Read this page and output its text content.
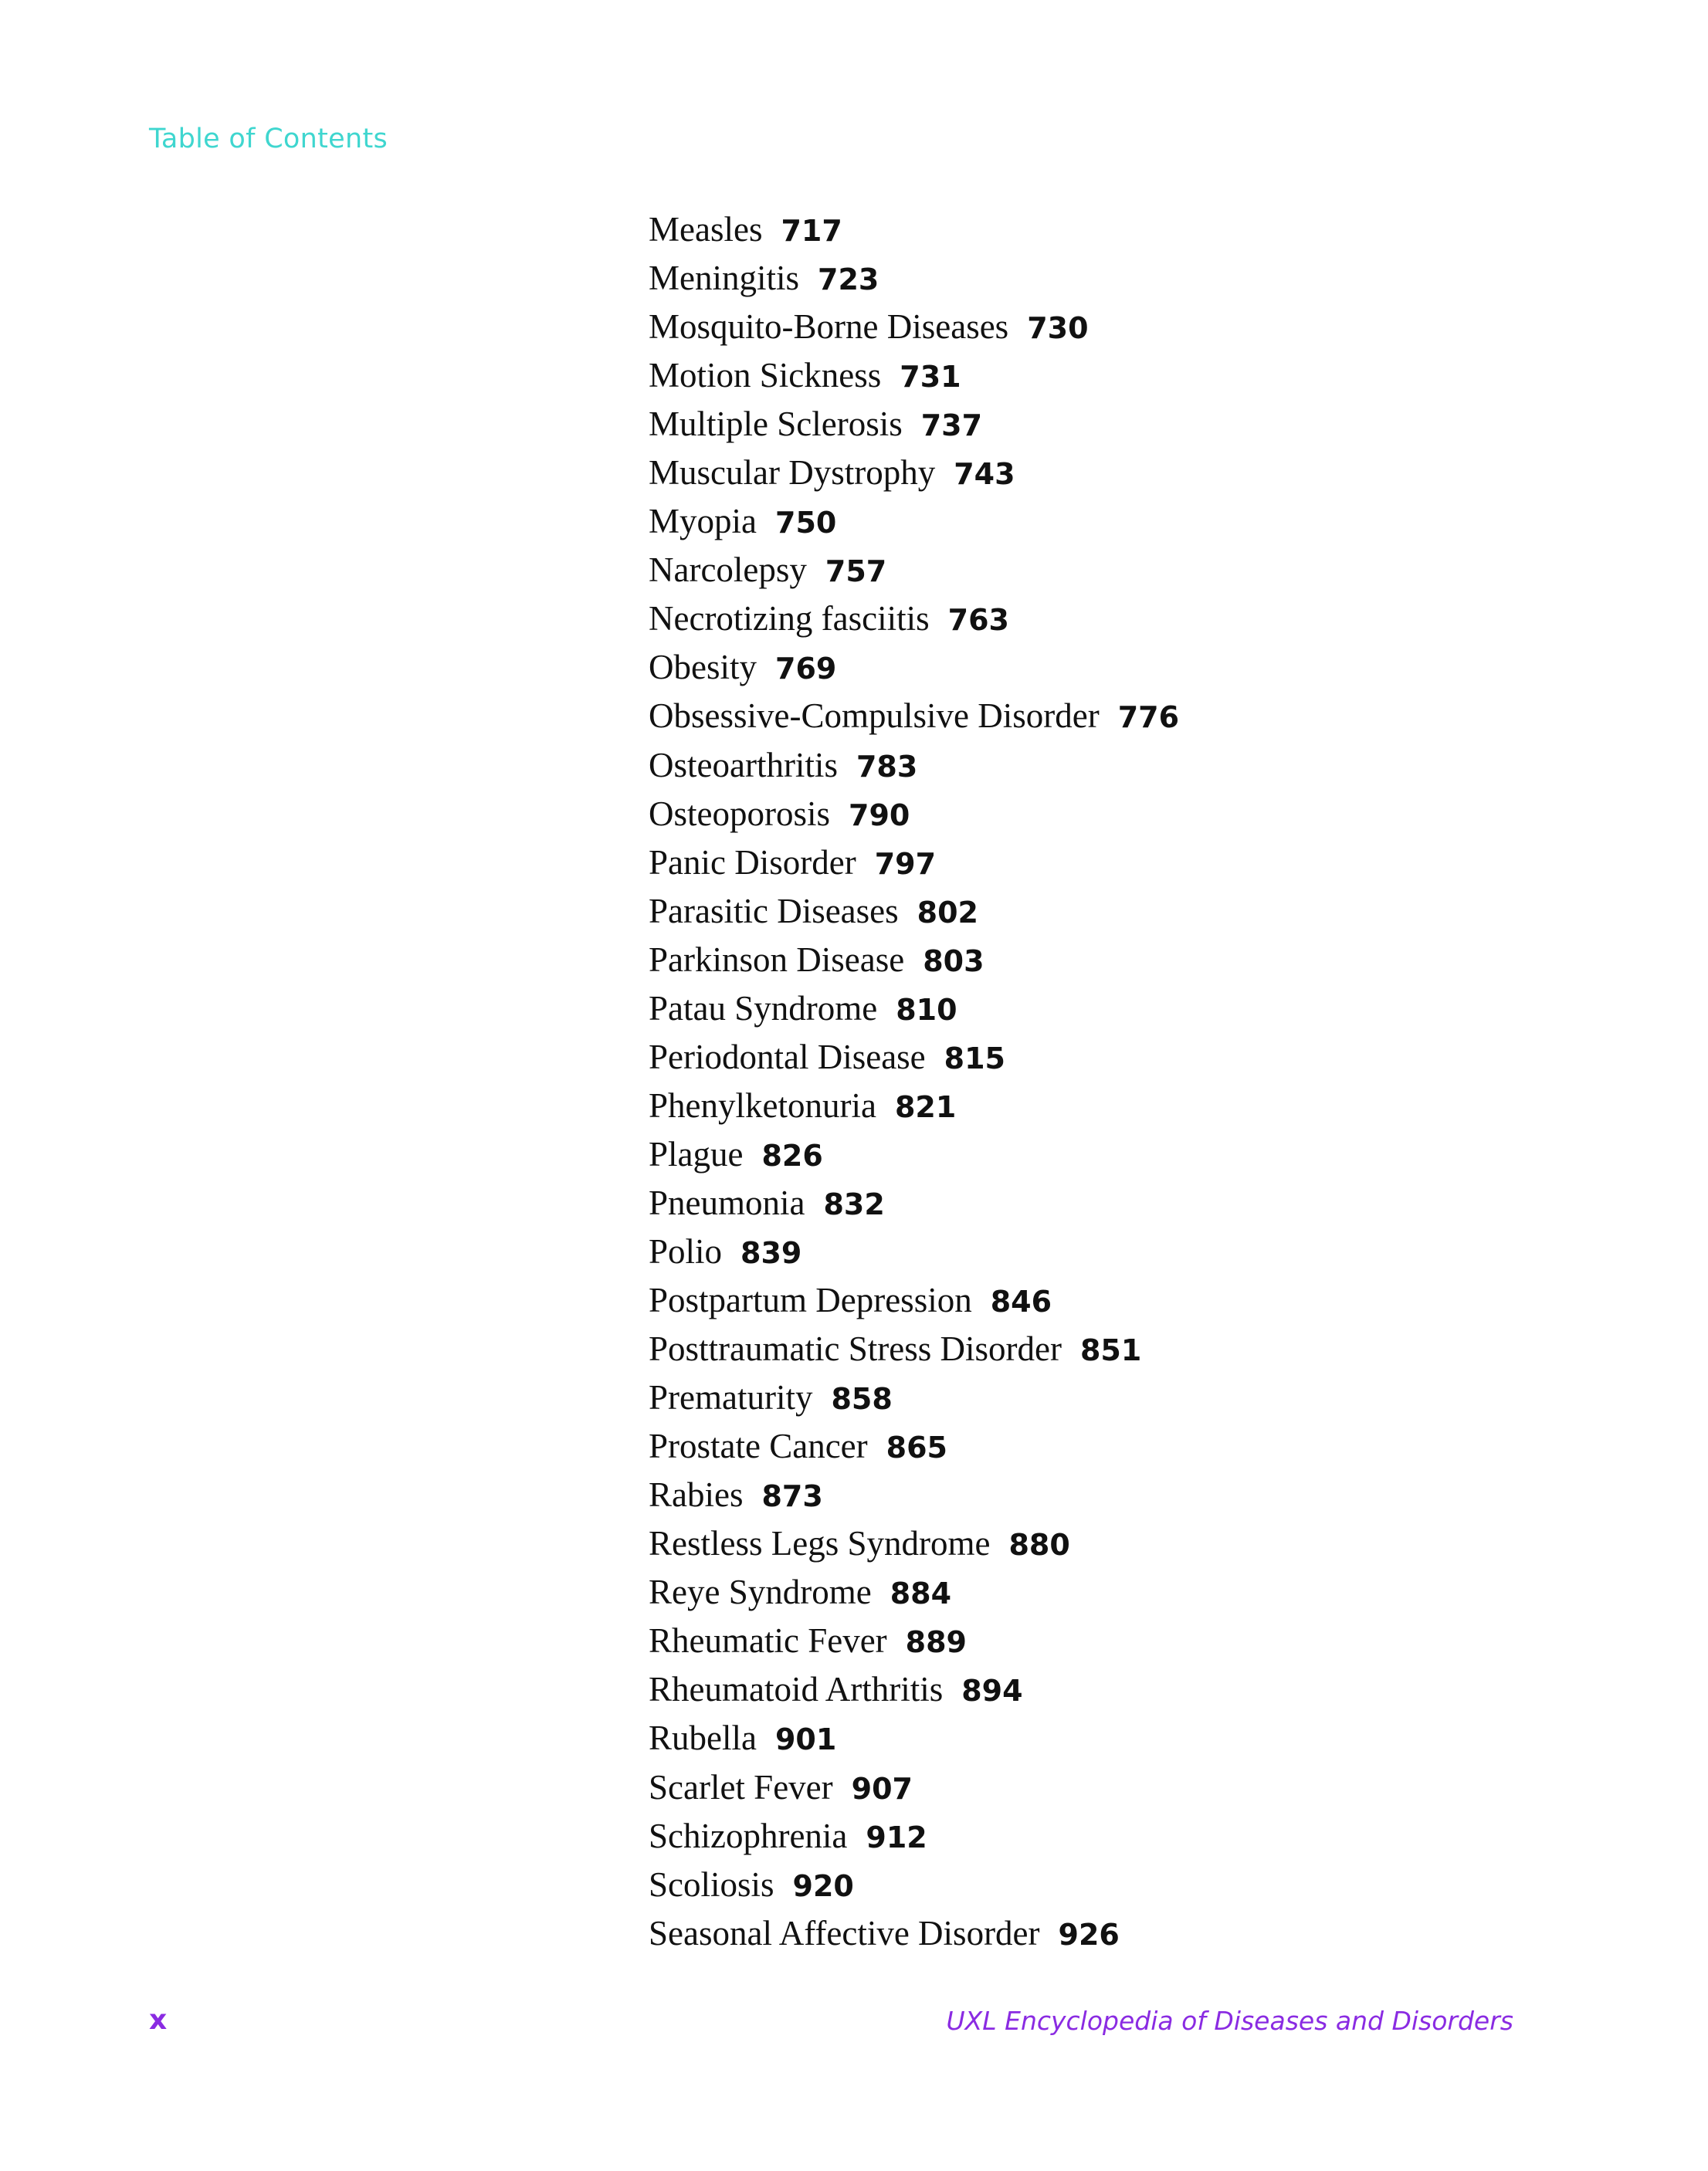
Table of Contents
Measles 717
Meningitis 723
Mosquito-Borne Diseases 730
Motion Sickness 731
Multiple Sclerosis 737
Muscular Dystrophy 743
Myopia 750
Narcolepsy 757
Necrotizing fasciitis 763
Obesity 769
Obsessive-Compulsive Disorder 776
Osteoarthritis 783
Osteoporosis 790
Panic Disorder 797
Parasitic Diseases 802
Parkinson Disease 803
Patau Syndrome 810
Periodontal Disease 815
Phenylketonuria 821
Plague 826
Pneumonia 832
Polio 839
Postpartum Depression 846
Posttraumatic Stress Disorder 851
Prematurity 858
Prostate Cancer 865
Rabies 873
Restless Legs Syndrome 880
Reye Syndrome 884
Rheumatic Fever 889
Rheumatoid Arthritis 894
Rubella 901
Scarlet Fever 907
Schizophrenia 912
Scoliosis 920
Seasonal Affective Disorder 926
x	UXL Encyclopedia of Diseases and Disorders
